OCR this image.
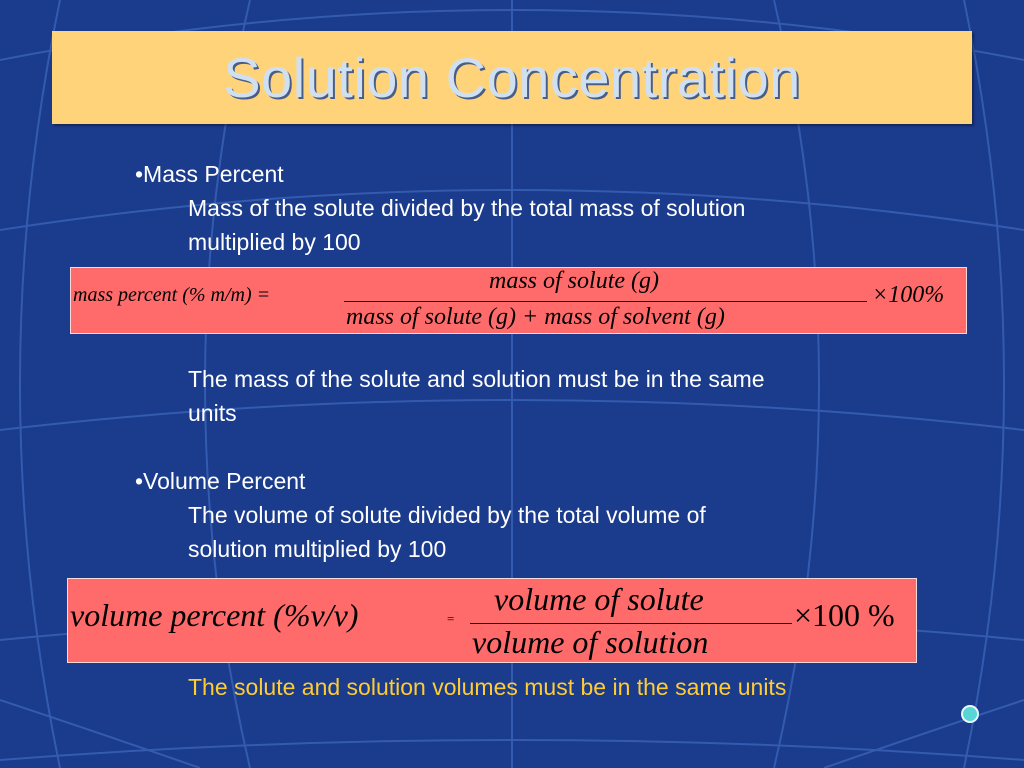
Solution Concentration
•Mass Percent
Mass of the solute divided by the total mass of solution
multiplied by 100
mass percent (% m/m) =
mass of solute (g)
mass of solute (g) + mass of solvent (g)
×100%
The mass of the solute and solution must be in the same
units
•Volume Percent
The volume of solute divided by the total volume of
solution multiplied by 100
volume percent (%v/v)	=
volume of solute
volume of solution
×100 %
The solute and solution volumes must be in the same units
